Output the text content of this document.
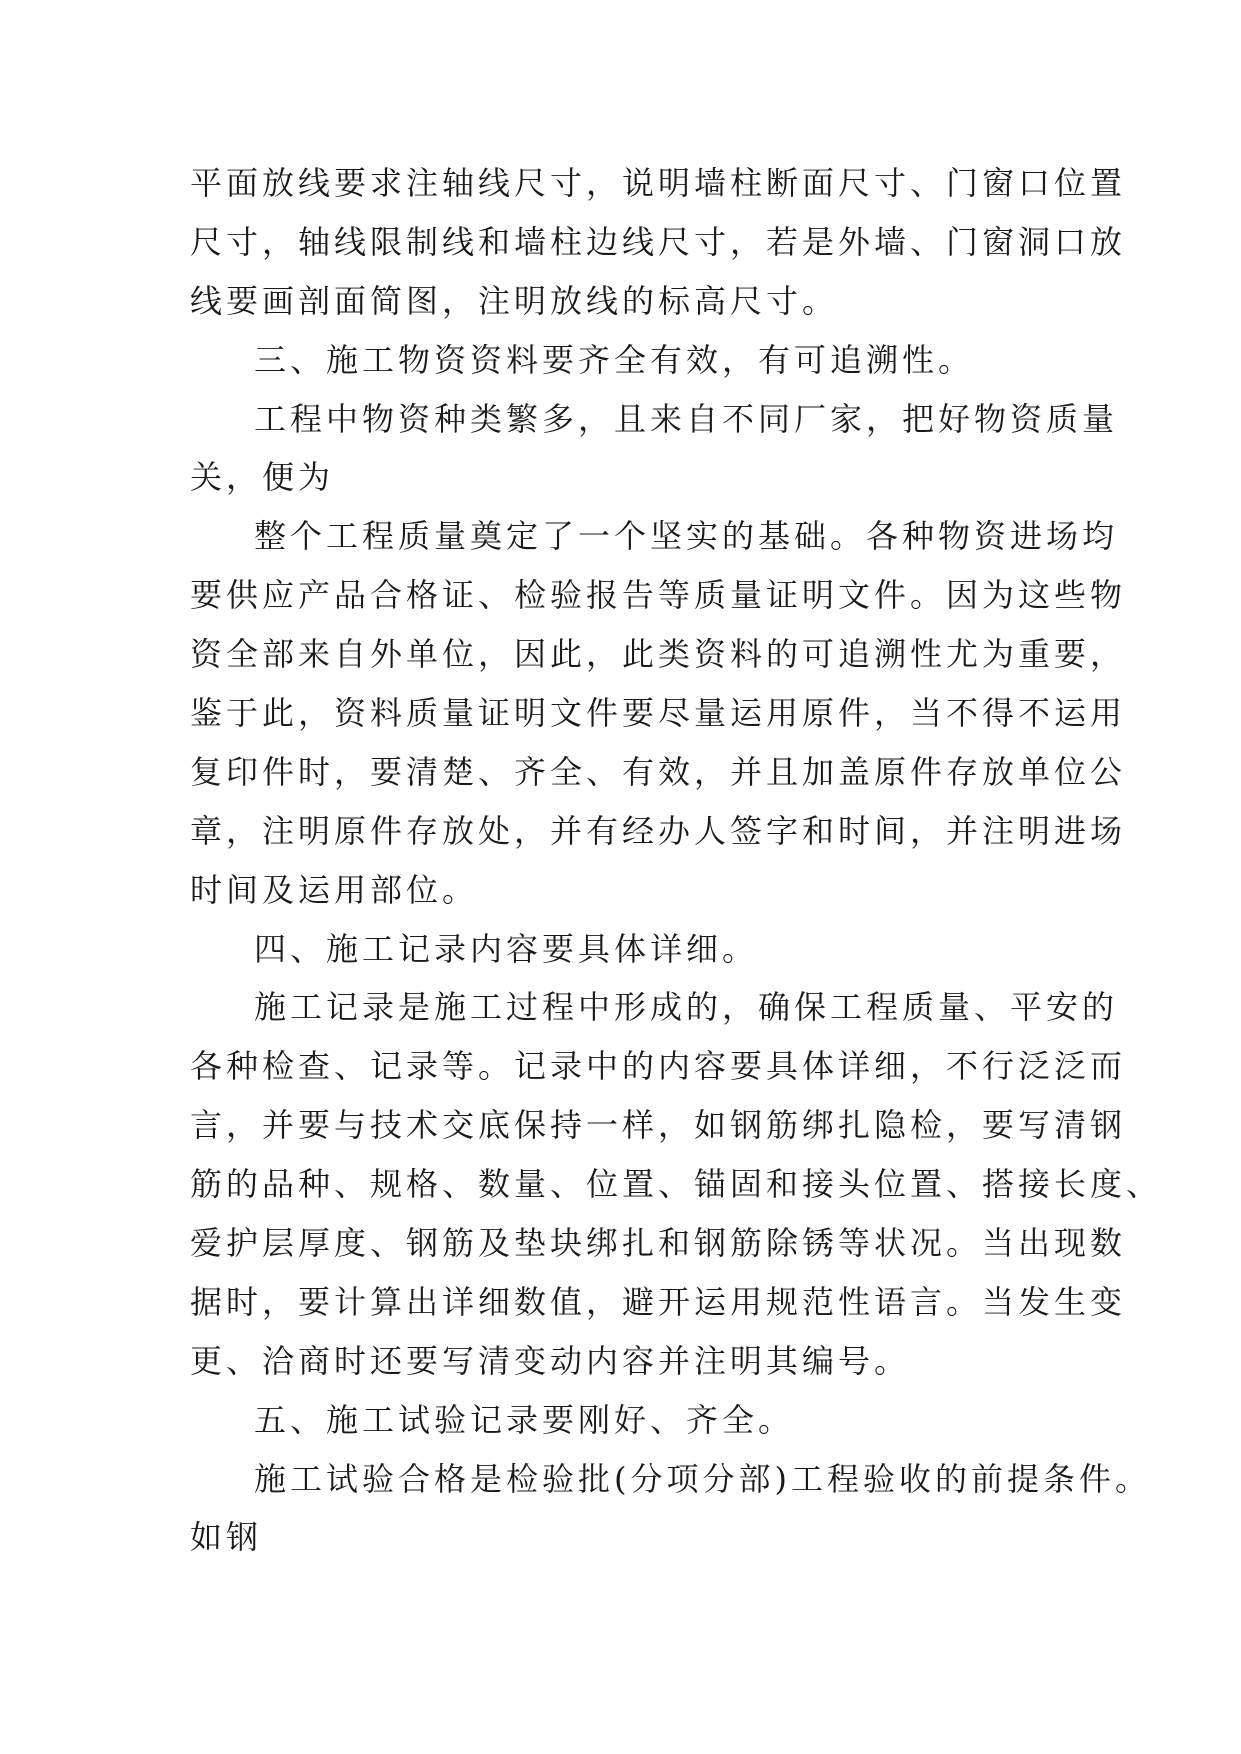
平面放线要求注轴线尺寸，说明墙柱断面尺寸、门窗口位置
尺寸，轴线限制线和墙柱边线尺寸，若是外墙、门窗洞口放
线要画剖面简图，注明放线的标高尺寸。
三、施工物资资料要齐全有效，有可追溯性。
工程中物资种类繁多，且来自不同厂家，把好物资质量
关，便为
整个工程质量奠定了一个坚实的基础。各种物资进场均
要供应产品合格证、检验报告等质量证明文件。因为这些物
资全部来自外单位，因此，此类资料的可追溯性尤为重要，
鉴于此，资料质量证明文件要尽量运用原件，当不得不运用
复印件时，要清楚、齐全、有效，并且加盖原件存放单位公
章，注明原件存放处，并有经办人签字和时间，并注明进场
时间及运用部位。
四、施工记录内容要具体详细。
施工记录是施工过程中形成的，确保工程质量、平安的
各种检查、记录等。记录中的内容要具体详细，不行泛泛而
言，并要与技术交底保持一样，如钢筋绑扎隐检，要写清钢
筋的品种、规格、数量、位置、锚固和接头位置、搭接长度、
爱护层厚度、钢筋及垫块绑扎和钢筋除锈等状况。当出现数
据时，要计算出详细数值，避开运用规范性语言。当发生变
更、洽商时还要写清变动内容并注明其编号。
五、施工试验记录要刚好、齐全。
施工试验合格是检验批(分项分部)工程验收的前提条件。
如钢
